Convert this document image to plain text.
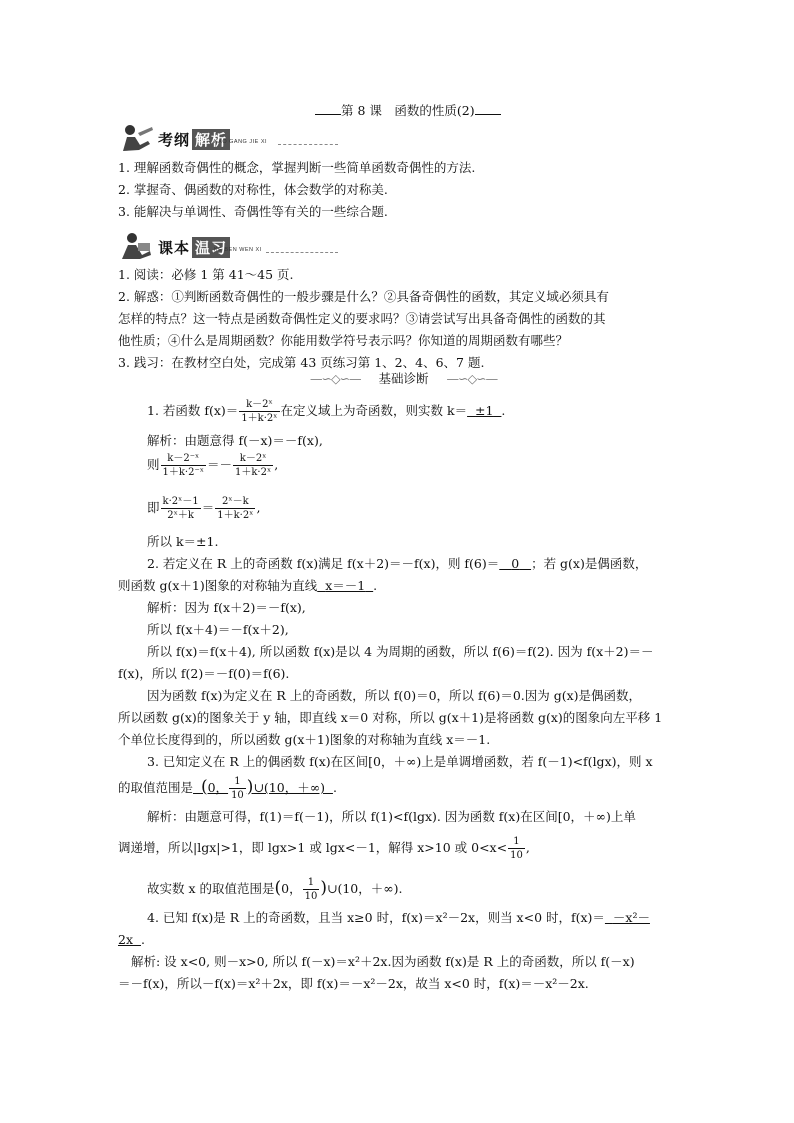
第 8 课　函数的性质(2)
考纲 解析
KAO GANG JIE XI
1. 理解函数奇偶性的概念，掌握判断一些简单函数奇偶性的方法.
2. 掌握奇、偶函数的对称性，体会数学的对称美.
3. 能解决与单调性、奇偶性等有关的一些综合题.
课本 温习
KE BEN WEN XI
1. 阅读：必修 1 第 41～45 页.
2. 解惑：①判断函数奇偶性的一般步骤是什么？②具备奇偶性的函数，其定义域必须具有
怎样的特点？这一特点是函数奇偶性定义的要求吗？③请尝试写出具备奇偶性的函数的其
他性质；④什么是周期函数？你能用数学符号表示吗？你知道的周期函数有哪些？
3. 践习：在教材空白处，完成第 43 页练习第 1、2、4、6、7 题.
—∽◇∽— 基础诊断 —∽◇∽—
1. 若函数 $f(x)= \frac{\text{k－2ˣ}}{\text{1＋k·2ˣ}}$ 在定义域上为奇函数，则实数 k＝ ±1 .
解析：由题意得 f(－x)＝－f(x),
则 $\frac{\text{k－2⁻ˣ}}{\text{1＋k·2⁻ˣ}} =- \frac{\text{k－2ˣ}}{\text{1＋k·2ˣ}}$ ,
即 $\frac{\text{k·2ˣ－1}}{\text{2ˣ＋k}} = \frac{\text{2ˣ－k}}{\text{1＋k·2ˣ}}$ ,
所以 k＝±1.
2. 若定义在 R 上的奇函数 f(x)满足 f(x＋2)＝－f(x)，则 f(6)＝ 0 ；若 g(x)是偶函数，
则函数 g(x＋1)图象的对称轴为直线 x＝－1 .
解析：因为 f(x＋2)＝－f(x),
所以 f(x＋4)＝－f(x＋2),
所以 f(x)＝f(x＋4), 所以函数 f(x)是以 4 为周期的函数，所以 f(6)＝f(2). 因为 f(x＋2)＝－
f(x)，所以 f(2)＝－f(0)＝f(6).
因为函数 f(x)为定义在 R 上的奇函数，所以 f(0)＝0，所以 f(6)＝0.因为 g(x)是偶函数，
所以函数 g(x)的图象关于 y 轴，即直线 x＝0 对称，所以 g(x＋1)是将函数 g(x)的图象向左平移 1
个单位长度得到的，所以函数 g(x＋1)图象的对称轴为直线 x＝－1.
3. 已知定义在 R 上的偶函数 f(x)在区间[0，＋∞)上是单调增函数，若 f(－1)<f(lgx)，则 x
的取值范围是 (0， $\frac{1}{10}$ )∪(10，＋∞) .
解析：由题意可得，f(1)＝f(－1)，所以 f(1)<f(lgx). 因为函数 f(x)在区间[0，＋∞)上单
调递增，所以|lgx|>1，即 lgx>1 或 lgx<－1，解得 x>10 或 $0<x< \frac{1}{10}$ ,
故实数 x 的取值范围是(0， $\frac{1}{10}$ )∪(10，＋∞).
4. 已知 f(x)是 R 上的奇函数，且当 x≥0 时，f(x)＝x²－2x，则当 x<0 时，f(x)＝ －x²－
2x .
解析: 设 x<0, 则－x>0, 所以 f(－x)＝x²＋2x.因为函数 f(x)是 R 上的奇函数，所以 f(－x)
＝－f(x)，所以－f(x)＝x²＋2x，即 f(x)＝－x²－2x，故当 x<0 时，f(x)＝－x²－2x.
